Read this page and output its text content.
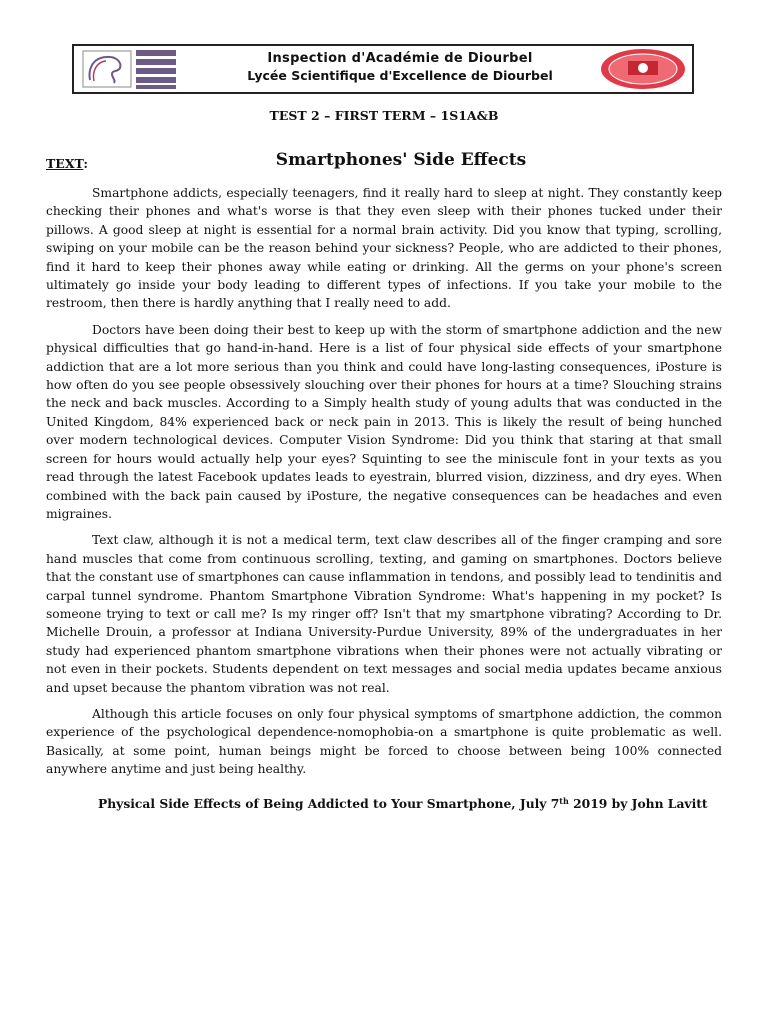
Inspection d'Académie de Diourbel
Lycée Scientifique d'Excellence de Diourbel
TEST 2 – FIRST TERM – 1S1A&B
TEXT:	Smartphones' Side Effects

Smartphone addicts, especially teenagers, find it really hard to sleep at night. They constantly keep checking their phones and what's worse is that they even sleep with their phones tucked under their pillows. A good sleep at night is essential for a normal brain activity. Did you know that typing, scrolling, swiping on your mobile can be the reason behind your sickness? People, who are addicted to their phones, find it hard to keep their phones away while eating or drinking. All the germs on your phone's screen ultimately go inside your body leading to different types of infections. If you take your mobile to the restroom, then there is hardly anything that I really need to add.

Doctors have been doing their best to keep up with the storm of smartphone addiction and the new physical difficulties that go hand-in-hand. Here is a list of four physical side effects of your smartphone addiction that are a lot more serious than you think and could have long-lasting consequences, iPosture is how often do you see people obsessively slouching over their phones for hours at a time? Slouching strains the neck and back muscles. According to a Simply health study of young adults that was conducted in the United Kingdom, 84% experienced back or neck pain in 2013. This is likely the result of being hunched over modern technological devices. Computer Vision Syndrome: Did you think that staring at that small screen for hours would actually help your eyes? Squinting to see the miniscule font in your texts as you read through the latest Facebook updates leads to eyestrain, blurred vision, dizziness, and dry eyes. When combined with the back pain caused by iPosture, the negative consequences can be headaches and even migraines.

Text claw, although it is not a medical term, text claw describes all of the finger cramping and sore hand muscles that come from continuous scrolling, texting, and gaming on smartphones. Doctors believe that the constant use of smartphones can cause inflammation in tendons, and possibly lead to tendinitis and carpal tunnel syndrome. Phantom Smartphone Vibration Syndrome: What's happening in my pocket? Is someone trying to text or call me? Is my ringer off? Isn't that my smartphone vibrating? According to Dr. Michelle Drouin, a professor at Indiana University-Purdue University, 89% of the undergraduates in her study had experienced phantom smartphone vibrations when their phones were not actually vibrating or not even in their pockets. Students dependent on text messages and social media updates became anxious and upset because the phantom vibration was not real.

Although this article focuses on only four physical symptoms of smartphone addiction, the common experience of the psychological dependence-nomophobia-on a smartphone is quite problematic as well. Basically, at some point, human beings might be forced to choose between being 100% connected anywhere anytime and just being healthy.

Physical Side Effects of Being Addicted to Your Smartphone, July 7th 2019 by John Lavitt
